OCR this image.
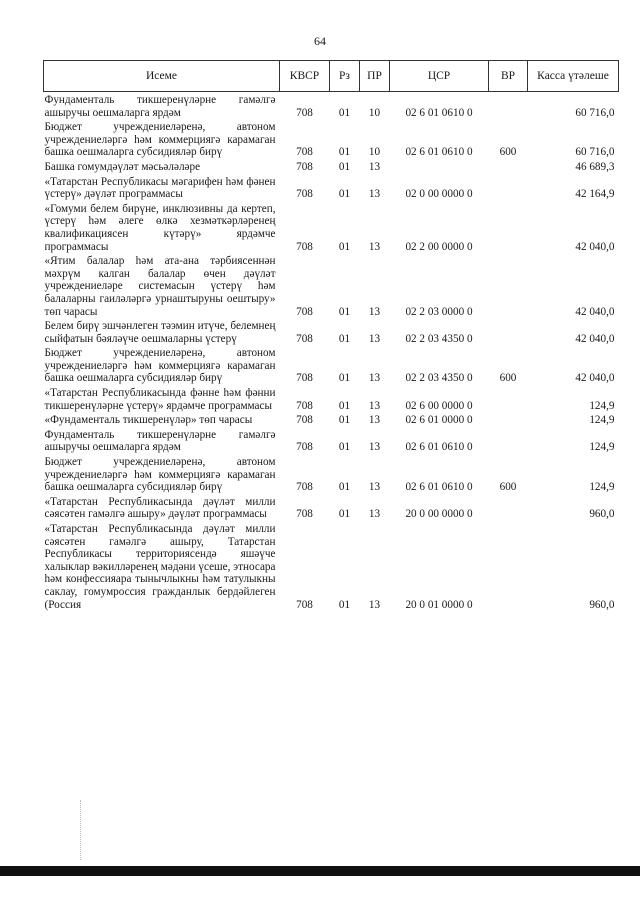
64
Исеме	КВСР	Рз	ПР	ЦСР	ВР	Касса үтәлеше
Фундаменталь тикшеренүләрне гамәлгә ашыручы оешмаларга ярдәм	708	01	10	02 6 01 0610 0		60 716,0
Бюджет учреждениеләренә, автоном учреждениеләргә һәм коммерциягә карамаган башка оешмаларга субсидияләр бирү	708	01	10	02 6 01 0610 0	600	60 716,0
Башка гомумдәүләт мәсьәләләре	708	01	13			46 689,3
«Татарстан Республикасы мәгарифен һәм фәнен үстерү» дәүләт программасы	708	01	13	02 0 00 0000 0		42 164,9
«Гомуми белем бирүне, инклюзивны да кертеп, үстерү һәм әлеге өлкә хезмәткәрләренең квалификациясен күтәрү» ярдәмче программасы	708	01	13	02 2 00 0000 0		42 040,0
«Ятим балалар һәм ата-ана тәрбиясеннән мәхрүм калган балалар өчен дәүләт учреждениеләре системасын үстерү һәм балаларны гаиләләргә урнаштыруны оештыру» төп чарасы	708	01	13	02 2 03 0000 0		42 040,0
Белем бирү эшчәнлеген тәэмин итүче, белемнең сыйфатын бәяләүче оешмаларны үстерү	708	01	13	02 2 03 4350 0		42 040,0
Бюджет учреждениеләренә, автоном учреждениеләргә һәм коммерциягә карамаган башка оешмаларга субсидияләр бирү	708	01	13	02 2 03 4350 0	600	42 040,0
«Татарстан Республикасында фәнне һәм фәнни тикшеренүләрне үстерү» ярдәмче программасы	708	01	13	02 6 00 0000 0		124,9
«Фундаменталь тикшеренүләр» төп чарасы	708	01	13	02 6 01 0000 0		124,9
Фундаменталь тикшеренүләрне гамәлгә ашыручы оешмаларга ярдәм	708	01	13	02 6 01 0610 0		124,9
Бюджет учреждениеләренә, автоном учреждениеләргә һәм коммерциягә карамаган башка оешмаларга субсидияләр бирү	708	01	13	02 6 01 0610 0	600	124,9
«Татарстан Республикасында дәүләт милли сәясәтен гамәлгә ашыру» дәүләт программасы	708	01	13	20 0 00 0000 0		960,0
«Татарстан Республикасында дәүләт милли сәясәтен гамәлгә ашыру, Татарстан Республикасы территориясендә яшәүче халыклар вәкилләренең мәдәни үсеше, этносара һәм конфессияара тынычлыкны һәм татулыкны саклау, гомумроссия гражданлык бердәйлеген (Россия	708	01	13	20 0 01 0000 0		960,0
